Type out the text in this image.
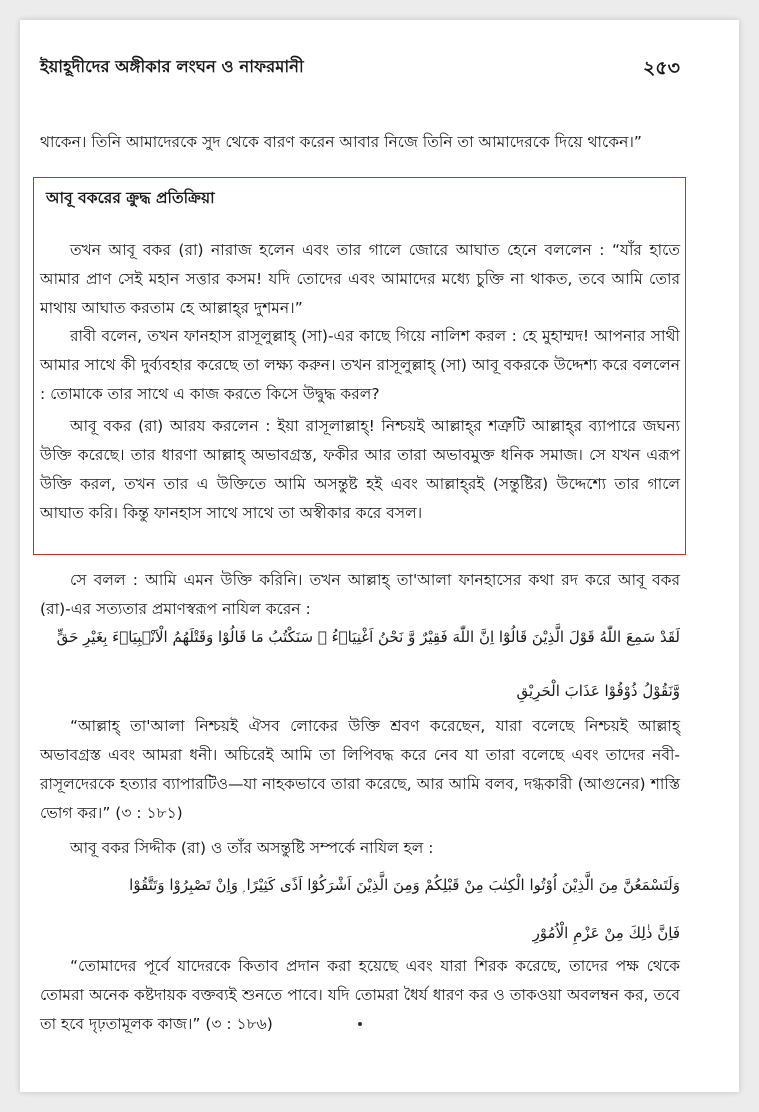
ইয়াহূদীদের অঙ্গীকার লংঘন ও নাফরমানী	২৫৩

থাকেন। তিনি আমাদেরকে সুদ থেকে বারণ করেন আবার নিজে তিনি তা আমাদেরকে দিয়ে থাকেন।”

আবূ বকরের ক্রুদ্ধ প্রতিক্রিয়া

তখন আবূ বকর (রা) নারাজ হলেন এবং তার গালে জোরে আঘাত হেনে বললেন : “যাঁর হাতে আমার প্রাণ সেই মহান সত্তার কসম! যদি তোদের এবং আমাদের মধ্যে চুক্তি না থাকত, তবে আমি তোর মাথায় আঘাত করতাম হে আল্লাহ্‌র দুশমন।”

রাবী বলেন, তখন ফানহাস রাসূলুল্লাহ্ (সা)-এর কাছে গিয়ে নালিশ করল : হে মুহাম্মদ! আপনার সাথী আমার সাথে কী দুর্ব্যবহার করেছে তা লক্ষ্য করুন। তখন রাসূলুল্লাহ্ (সা) আবূ বকরকে উদ্দেশ্য করে বললেন : তোমাকে তার সাথে এ কাজ করতে কিসে উদ্বুদ্ধ করল?

আবূ বকর (রা) আরয করলেন : ইয়া রাসূলাল্লাহ্! নিশ্চয়ই আল্লাহ্‌র শত্রুটি আল্লাহ্‌র ব্যাপারে জঘন্য উক্তি করেছে। তার ধারণা আল্লাহ্ অভাবগ্রস্ত, ফকীর আর তারা অভাবমুক্ত ধনিক সমাজ। সে যখন এরূপ উক্তি করল, তখন তার এ উক্তিতে আমি অসন্তুষ্ট হই এবং আল্লাহ্‌রই (সন্তুষ্টির) উদ্দেশ্যে তার গালে আঘাত করি। কিন্তু ফানহাস সাথে সাথে তা অস্বীকার করে বসল।

সে বলল : আমি এমন উক্তি করিনি। তখন আল্লাহ্ তা'আলা ফানহাসের কথা রদ করে আবূ বকর (রা)-এর সত্যতার প্রমাণস্বরূপ নাযিল করেন :

لَقَدْ سَمِعَ اللّٰهُ قَوْلَ الَّذِيْنَ قَالُوْٓا اِنَّ اللّٰهَ فَقِيْرٌ وَّ نَحْنُ اَغْنِيَاۗءُ ۘ سَنَكْتُبُ مَا قَالُوْا وَقَتْلَهُمُ الْاَنْۢبِيَاۗءَ بِغَيْرِ حَقٍّ
وَّنَقُوْلُ ذُوْقُوْا عَذَابَ الْحَرِيْقِ

“আল্লাহ্ তা'আলা নিশ্চয়ই ঐসব লোকের উক্তি শ্রবণ করেছেন, যারা বলেছে নিশ্চয়ই আল্লাহ্ অভাবগ্রস্ত এবং আমরা ধনী। অচিরেই আমি তা লিপিবদ্ধ করে নেব যা তারা বলেছে এবং তাদের নবী-রাসূলদেরকে হত্যার ব্যাপারটিও—যা নাহকভাবে তারা করেছে, আর আমি বলব, দগ্ধকারী (আগুনের) শাস্তি ভোগ কর।” (৩ : ১৮১)

আবূ বকর সিদ্দীক (রা) ও তাঁর অসন্তুষ্টি সম্পর্কে নাযিল হল :

وَلَتَسْمَعُنَّ مِنَ الَّذِيْنَ اُوْتُوا الْكِتٰبَ مِنْ قَبْلِكُمْ وَمِنَ الَّذِيْنَ اَشْرَكُوْٓا اَذًى كَثِيْرًا ۭ وَاِنْ تَصْبِرُوْا وَتَتَّقُوْا
فَاِنَّ ذٰلِكَ مِنْ عَزْمِ الْاُمُوْرِ

“তোমাদের পূর্বে যাদেরকে কিতাব প্রদান করা হয়েছে এবং যারা শিরক করেছে, তাদের পক্ষ থেকে তোমরা অনেক কষ্টদায়ক বক্তব্যই শুনতে পাবে। যদি তোমরা ধৈর্য ধারণ কর ও তাকওয়া অবলম্বন কর, তবে তা হবে দৃঢ়তামূলক কাজ।” (৩ : ১৮৬)
